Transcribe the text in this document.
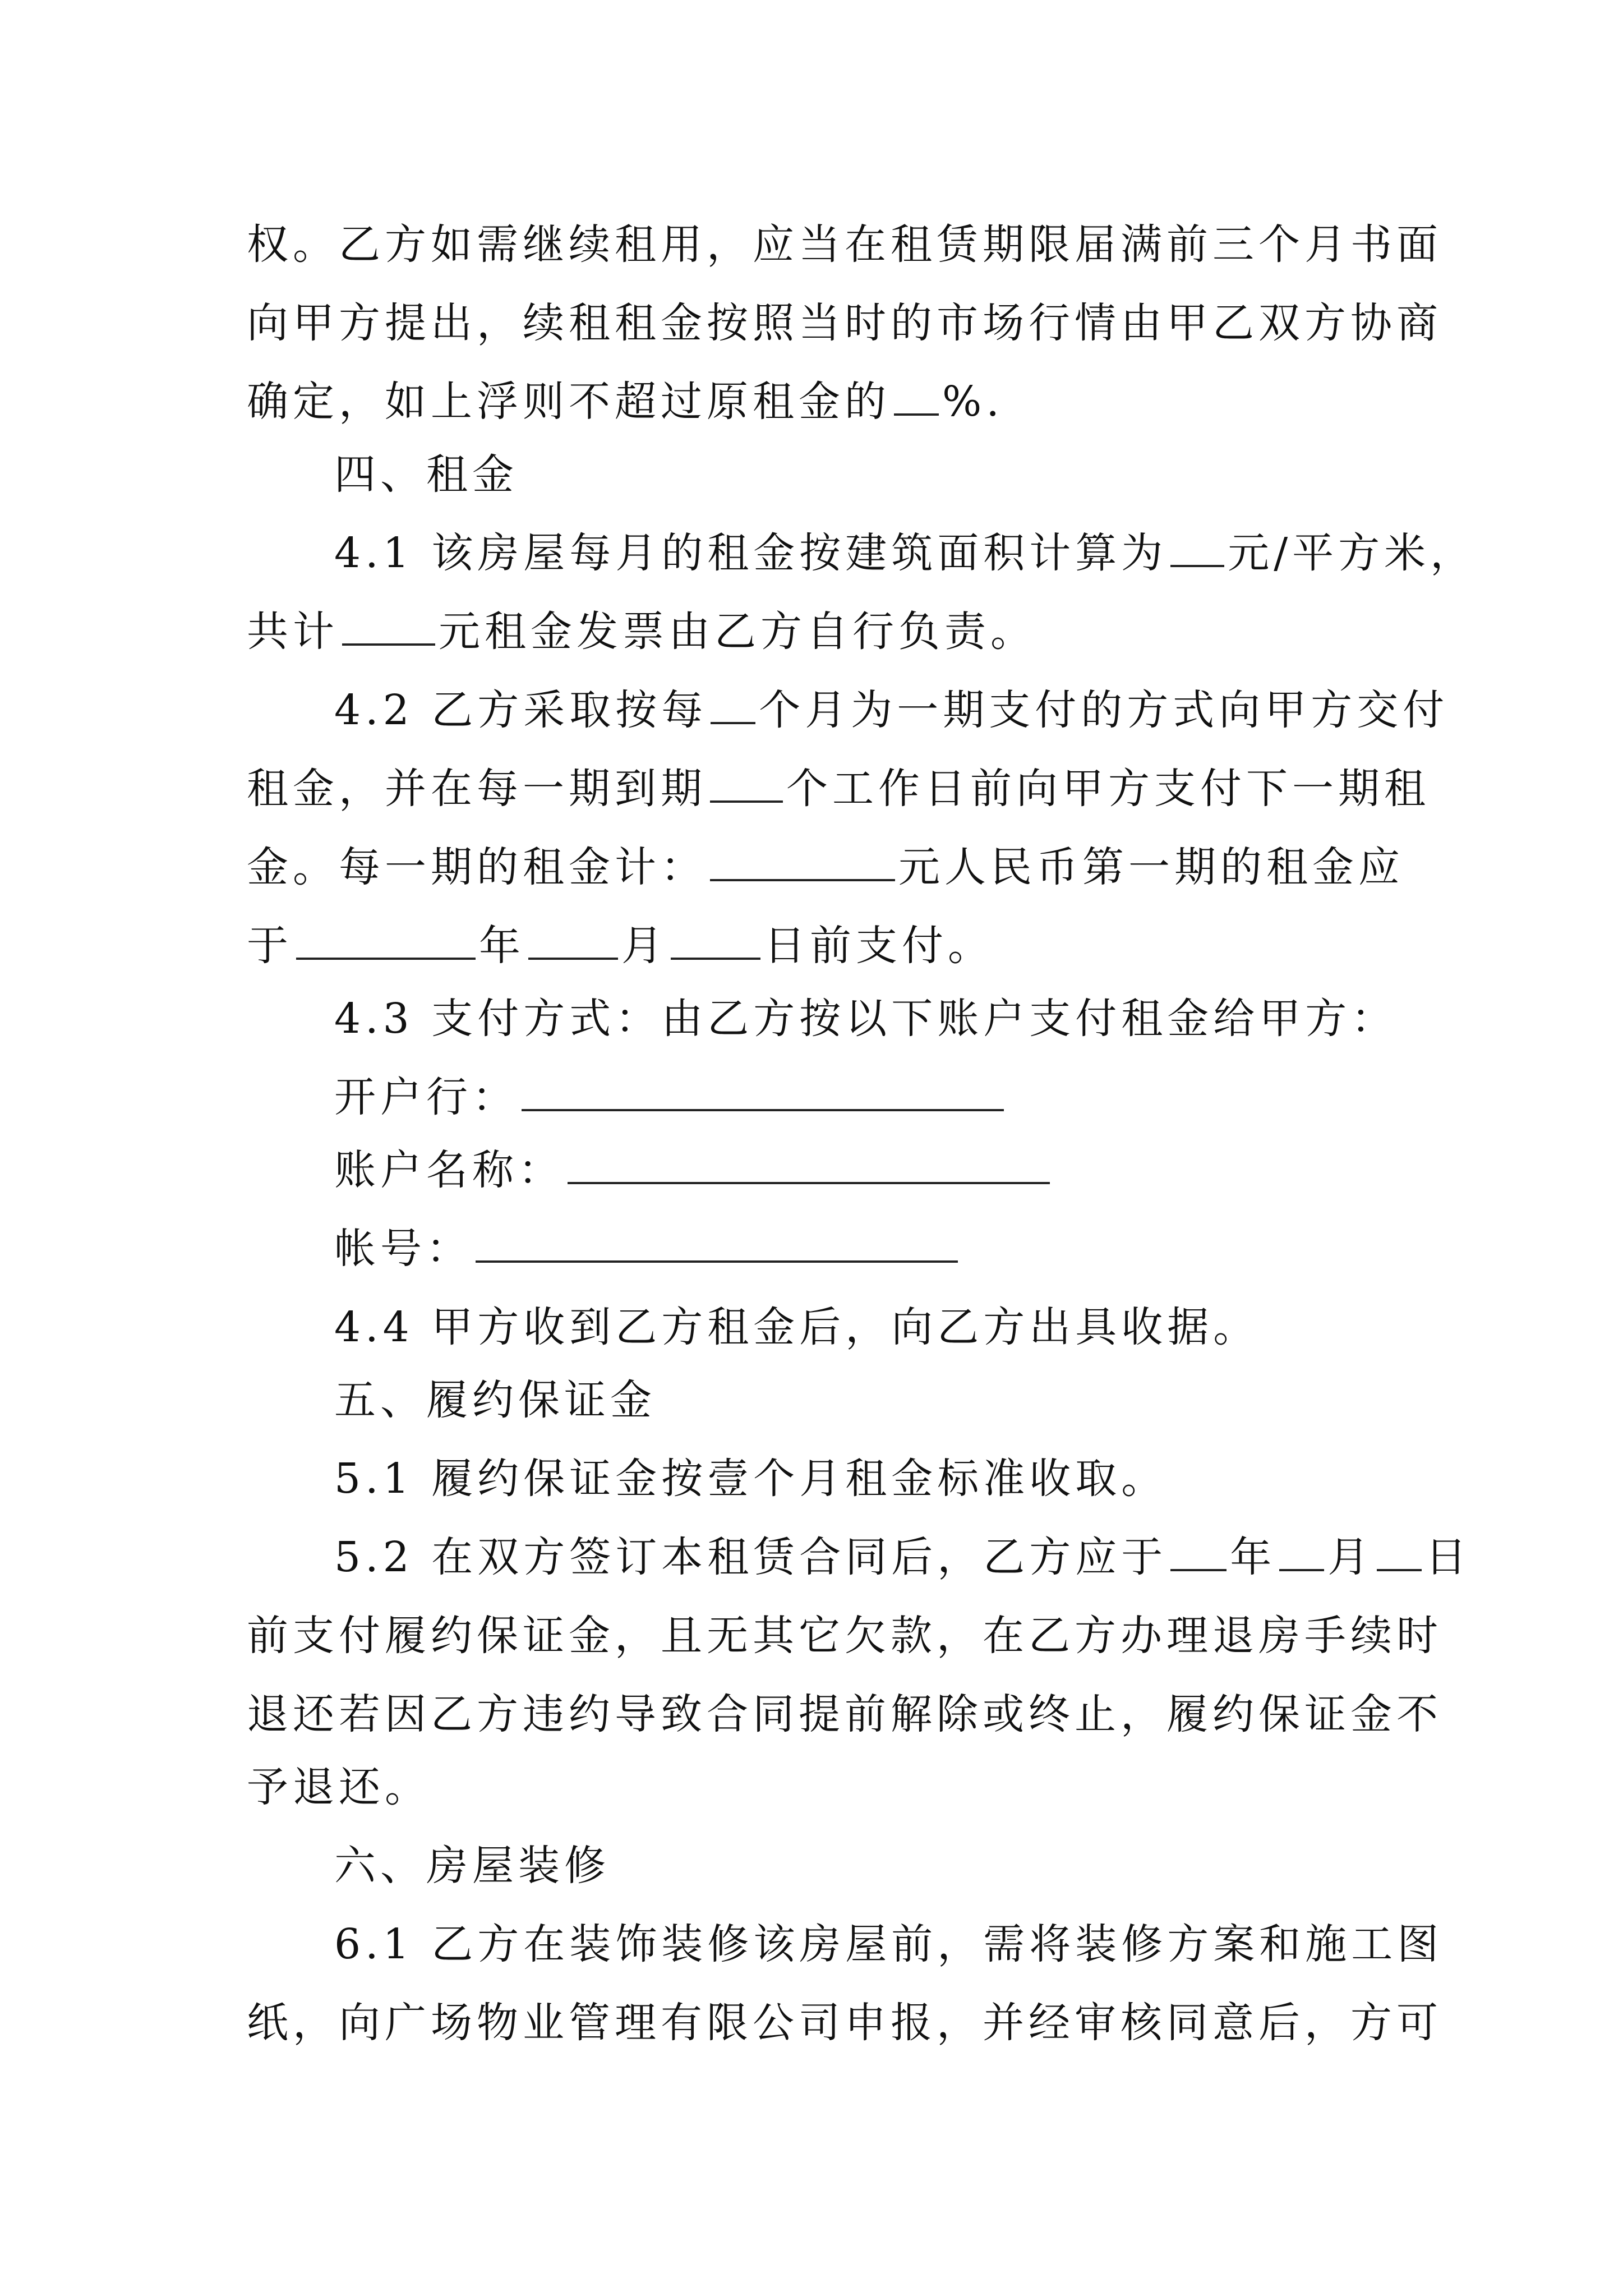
权。乙方如需继续租用，应当在租赁期限届满前三个月书面
向甲方提出，续租租金按照当时的市场行情由甲乙双方协商
确定，如上浮则不超过原租金的 %.
四、租金
4.1 该房屋每月的租金按建筑面积计算为 元/平方米，
共计 元租金发票由乙方自行负责。
4.2 乙方采取按每 个月为一期支付的方式向甲方交付
租金，并在每一期到期 个工作日前向甲方支付下一期租
金。每一期的租金计：	元人民币第一期的租金应
于	年 月 日前支付。
4.3 支付方式：由乙方按以下账户支付租金给甲方：
开户行：
账户名称：
帐号：
4.4 甲方收到乙方租金后，向乙方出具收据。
五、履约保证金
5.1 履约保证金按壹个月租金标准收取。
5.2 在双方签订本租赁合同后，乙方应于 年 月 日
前支付履约保证金，且无其它欠款，在乙方办理退房手续时
退还若因乙方违约导致合同提前解除或终止，履约保证金不
予退还。
六、房屋装修
6.1 乙方在装饰装修该房屋前，需将装修方案和施工图
纸，向广场物业管理有限公司申报，并经审核同意后，方可
